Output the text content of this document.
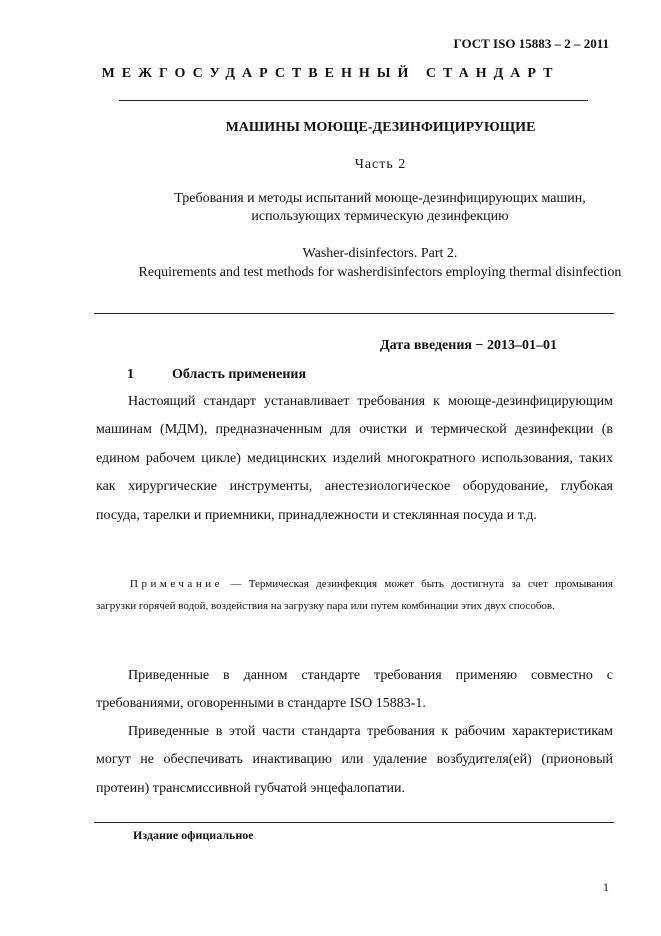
ГОСТ ISO 15883 – 2 – 2011
МЕЖГОСУДАРСТВЕННЫЙ СТАНДАРТ
МАШИНЫ МОЮЩЕ-ДЕЗИНФИЦИРУЮЩИЕ
Часть 2
Требования и методы испытаний моюще-дезинфицирующих машин, использующих термическую дезинфекцию
Washer-disinfectors. Part 2.
Requirements and test methods for washerdisinfectors employing thermal disinfection
Дата введения − 2013–01–01
1	Область применения
Настоящий стандарт устанавливает требования к моюще-дезинфицирующим машинам (МДМ), предназначенным для очистки и термической дезинфекции (в едином рабочем цикле) медицинских изделий многократного использования, таких как хирургические инструменты, анестезиологическое оборудование, глубокая посуда, тарелки и приемники, принадлежности и стеклянная посуда и т.д.
Примечание — Термическая дезинфекция может быть достигнута за счет промывания загрузки горячей водой, воздействия на загрузку пара или путем комбинации этих двух способов.
Приведенные в данном стандарте требования применяю совместно с требованиями, оговоренными в стандарте ISO 15883-1.
Приведенные в этой части стандарта требования к рабочим характеристикам могут не обеспечивать инактивацию или удаление возбудителя(ей) (прионовый протеин) трансмиссивной губчатой энцефалопатии.
Издание официальное
1
